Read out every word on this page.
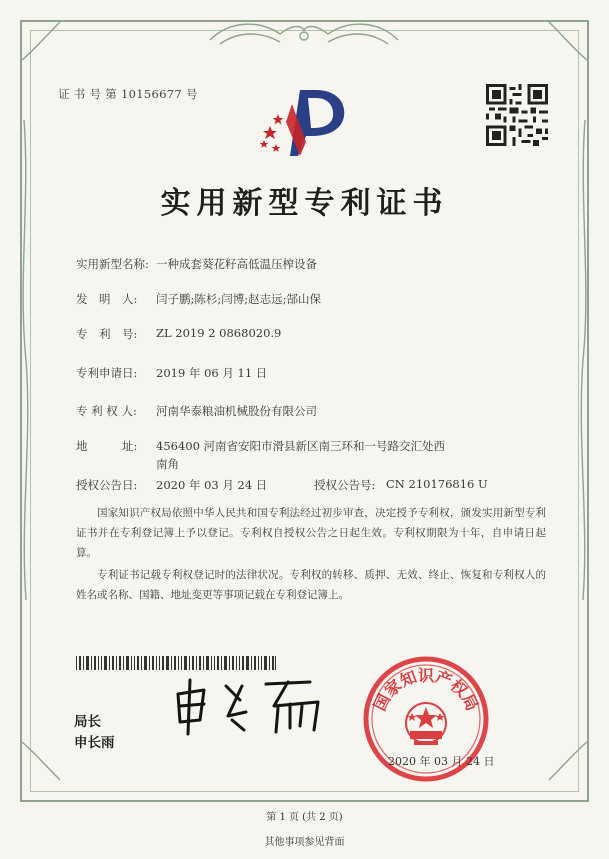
证 书 号 第 10156677 号
实用新型专利证书
实用新型名称: 一种成套葵花籽高低温压榨设备
发　明　人: 闫子鹏;陈杉;闫博;赵志远;郜山保
专　利　号: ZL 2019 2 0868020.9
专利申请日: 2019 年 06 月 11 日
专 利 权 人: 河南华泰粮油机械股份有限公司
地　　　址: 456400 河南省安阳市滑县新区南三环和一号路交汇处西
南角
授权公告日: 2020 年 03 月 24 日	授权公告号: CN 210176816 U
国家知识产权局依照中华人民共和国专利法经过初步审查，决定授予专利权，颁发实用新型专利证书并在专利登记簿上予以登记。专利权自授权公告之日起生效。专利权期限为十年，自申请日起算。
专利证书记载专利权登记时的法律状况。专利权的转移、质押、无效、终止、恢复和专利权人的姓名或名称、国籍、地址变更等事项记载在专利登记簿上。
局长
申长雨
国家知识产权局
2020 年 03 月 24 日
第 1 页 (共 2 页)
其他事项参见背面
